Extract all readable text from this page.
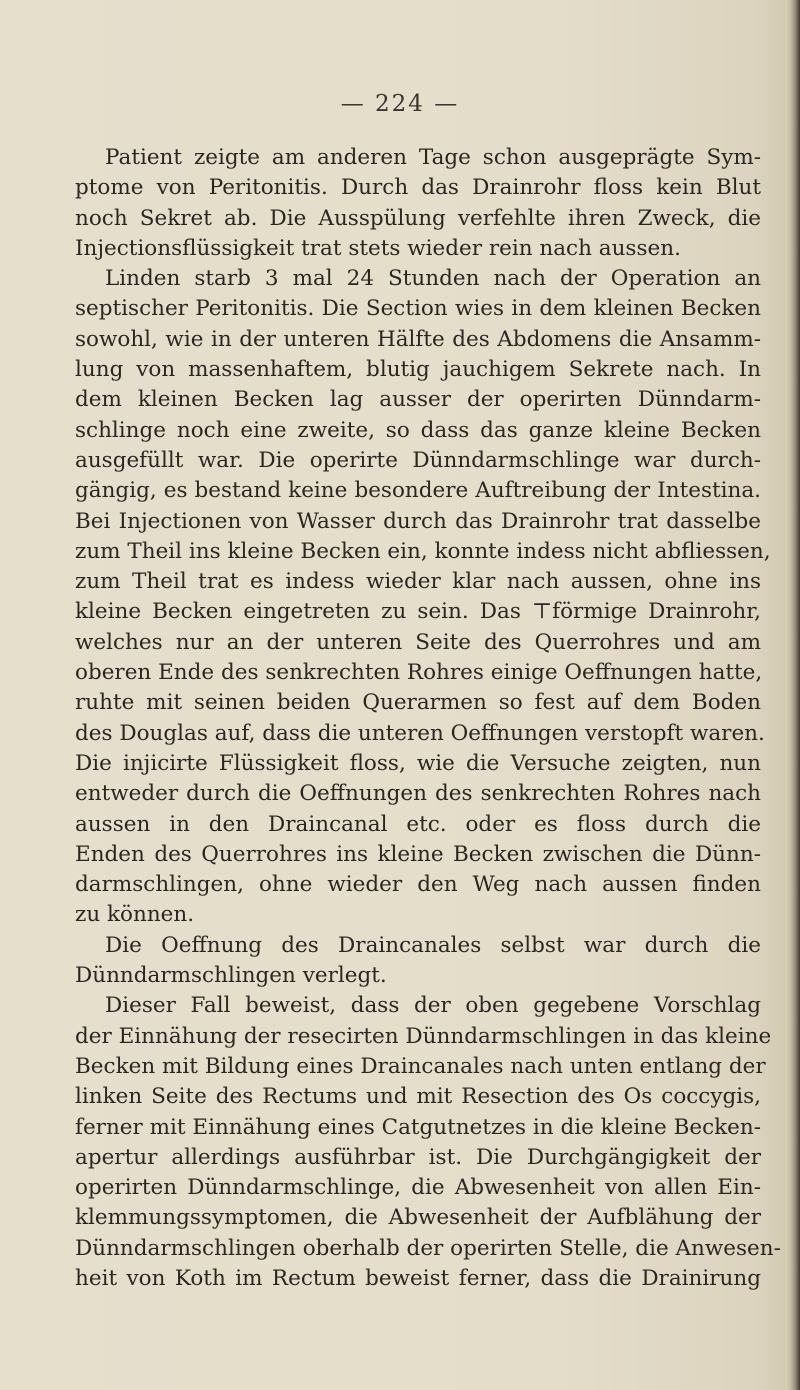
— 224 —
Patient zeigte am anderen Tage schon ausgeprägte Sym-
ptome von Peritonitis. Durch das Drainrohr floss kein Blut
noch Sekret ab. Die Ausspülung verfehlte ihren Zweck, die
Injectionsflüssigkeit trat stets wieder rein nach aussen.
Linden starb 3 mal 24 Stunden nach der Operation an
septischer Peritonitis. Die Section wies in dem kleinen Becken
sowohl, wie in der unteren Hälfte des Abdomens die Ansamm-
lung von massenhaftem, blutig jauchigem Sekrete nach. In
dem kleinen Becken lag ausser der operirten Dünndarm-
schlinge noch eine zweite, so dass das ganze kleine Becken
ausgefüllt war. Die operirte Dünndarmschlinge war durch-
gängig, es bestand keine besondere Auftreibung der Intestina.
Bei Injectionen von Wasser durch das Drainrohr trat dasselbe
zum Theil ins kleine Becken ein, konnte indess nicht abfliessen,
zum Theil trat es indess wieder klar nach aussen, ohne ins
kleine Becken eingetreten zu sein. Das ⊤förmige Drainrohr,
welches nur an der unteren Seite des Querrohres und am
oberen Ende des senkrechten Rohres einige Oeffnungen hatte,
ruhte mit seinen beiden Querarmen so fest auf dem Boden
des Douglas auf, dass die unteren Oeffnungen verstopft waren.
Die injicirte Flüssigkeit floss, wie die Versuche zeigten, nun
entweder durch die Oeffnungen des senkrechten Rohres nach
aussen in den Draincanal etc. oder es floss durch die
Enden des Querrohres ins kleine Becken zwischen die Dünn-
darmschlingen, ohne wieder den Weg nach aussen finden
zu können.
Die Oeffnung des Draincanales selbst war durch die
Dünndarmschlingen verlegt.
Dieser Fall beweist, dass der oben gegebene Vorschlag
der Einnähung der resecirten Dünndarmschlingen in das kleine
Becken mit Bildung eines Draincanales nach unten entlang der
linken Seite des Rectums und mit Resection des Os coccygis,
ferner mit Einnähung eines Catgutnetzes in die kleine Becken-
apertur allerdings ausführbar ist. Die Durchgängigkeit der
operirten Dünndarmschlinge, die Abwesenheit von allen Ein-
klemmungssymptomen, die Abwesenheit der Aufblähung der
Dünndarmschlingen oberhalb der operirten Stelle, die Anwesen-
heit von Koth im Rectum beweist ferner, dass die Drainirung
